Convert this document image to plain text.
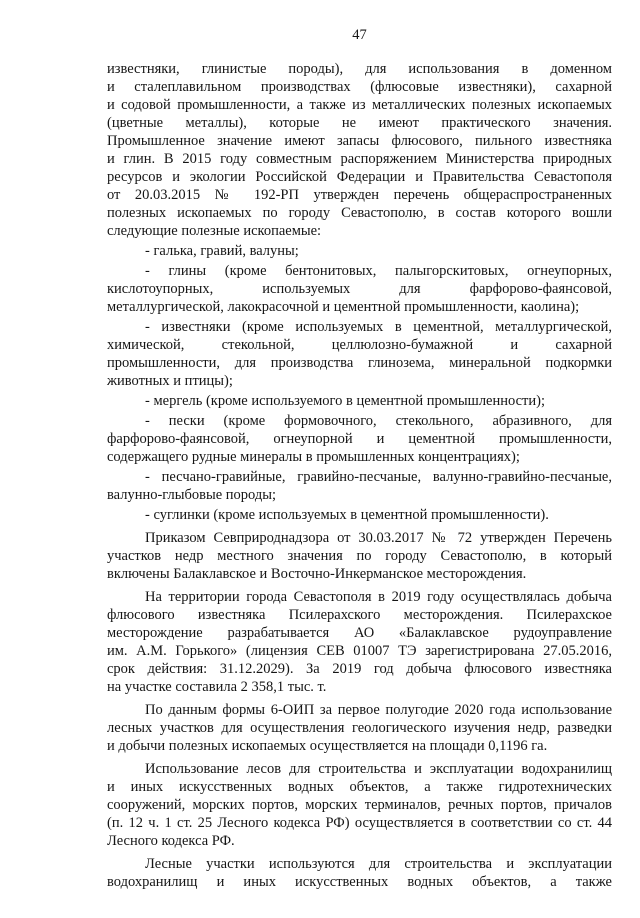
47
известняки, глинистые породы), для использования в доменном
и сталеплавильном производствах (флюсовые известняки), сахарной
и содовой промышленности, а также из металлических полезных ископаемых
(цветные металлы), которые не имеют практического значения.
Промышленное значение имеют запасы флюсового, пильного известняка
и глин. В 2015 году совместным распоряжением Министерства природных
ресурсов и экологии Российской Федерации и Правительства Севастополя
от 20.03.2015 № 192-РП утвержден перечень общераспространенных
полезных ископаемых по городу Севастополю, в состав которого вошли
следующие полезные ископаемые:
- галька, гравий, валуны;
- глины (кроме бентонитовых, палыгорскитовых, огнеупорных,
кислотоупорных, используемых для фарфорово-фаянсовой,
металлургической, лакокрасочной и цементной промышленности, каолина);
- известняки (кроме используемых в цементной, металлургической,
химической, стекольной, целлюлозно-бумажной и сахарной
промышленности, для производства глинозема, минеральной подкормки
животных и птицы);
- мергель (кроме используемого в цементной промышленности);
- пески (кроме формовочного, стекольного, абразивного, для
фарфорово-фаянсовой, огнеупорной и цементной промышленности,
содержащего рудные минералы в промышленных концентрациях);
- песчано-гравийные, гравийно-песчаные, валунно-гравийно-песчаные,
валунно-глыбовые породы;
- суглинки (кроме используемых в цементной промышленности).
Приказом Севприроднадзора от 30.03.2017 № 72 утвержден Перечень
участков недр местного значения по городу Севастополю, в который
включены Балаклавское и Восточно-Инкерманское месторождения.
На территории города Севастополя в 2019 году осуществлялась добыча
флюсового известняка Псилерахского месторождения. Псилерахское
месторождение разрабатывается АО «Балаклавское рудоуправление
им. А.М. Горького» (лицензия СЕВ 01007 ТЭ зарегистрирована 27.05.2016,
срок действия: 31.12.2029). За 2019 год добыча флюсового известняка
на участке составила 2 358,1 тыс. т.
По данным формы 6-ОИП за первое полугодие 2020 года использование
лесных участков для осуществления геологического изучения недр, разведки
и добычи полезных ископаемых осуществляется на площади 0,1196 га.
Использование лесов для строительства и эксплуатации водохранилищ
и иных искусственных водных объектов, а также гидротехнических
сооружений, морских портов, морских терминалов, речных портов, причалов
(п. 12 ч. 1 ст. 25 Лесного кодекса РФ) осуществляется в соответствии со ст. 44
Лесного кодекса РФ.
Лесные участки используются для строительства и эксплуатации
водохранилищ и иных искусственных водных объектов, а также
